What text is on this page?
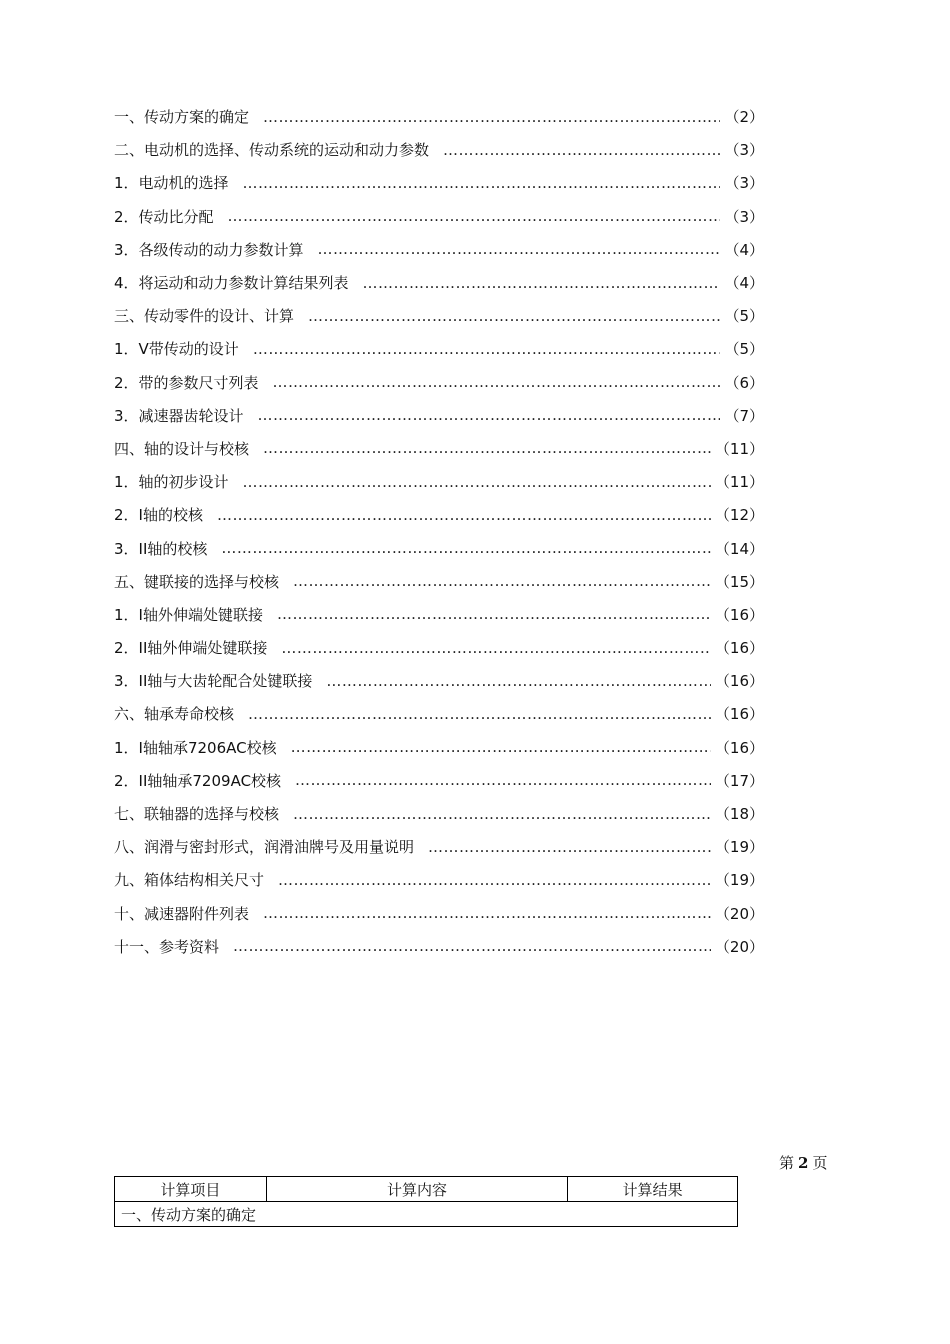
一、传动方案的确定 …………………………………………………………………………………………………………………………………………………………………………………………………………………………………………………………	（2）
二、电动机的选择、传动系统的运动和动力参数 …………………………………………………………………………………………………………………………………………………………………………………………………………………………………………………………	（3）
1．电动机的选择 …………………………………………………………………………………………………………………………………………………………………………………………………………………………………………………………	（3）
2．传动比分配 …………………………………………………………………………………………………………………………………………………………………………………………………………………………………………………………	（3）
3．各级传动的动力参数计算 …………………………………………………………………………………………………………………………………………………………………………………………………………………………………………………………	（4）
4．将运动和动力参数计算结果列表 …………………………………………………………………………………………………………………………………………………………………………………………………………………………………………………………	（4）
三、传动零件的设计、计算 …………………………………………………………………………………………………………………………………………………………………………………………………………………………………………………………	（5）
1．V带传动的设计 …………………………………………………………………………………………………………………………………………………………………………………………………………………………………………………………	（5）
2．带的参数尺寸列表 …………………………………………………………………………………………………………………………………………………………………………………………………………………………………………………………	（6）
3．减速器齿轮设计 …………………………………………………………………………………………………………………………………………………………………………………………………………………………………………………………	（7）
四、轴的设计与校核 …………………………………………………………………………………………………………………………………………………………………………………………………………………………………………………………	（11）
1．轴的初步设计 …………………………………………………………………………………………………………………………………………………………………………………………………………………………………………………………	（11）
2．I轴的校核 …………………………………………………………………………………………………………………………………………………………………………………………………………………………………………………………	（12）
3．II轴的校核 …………………………………………………………………………………………………………………………………………………………………………………………………………………………………………………………	（14）
五、键联接的选择与校核 …………………………………………………………………………………………………………………………………………………………………………………………………………………………………………………………	（15）
1．I轴外伸端处键联接 …………………………………………………………………………………………………………………………………………………………………………………………………………………………………………………………	（16）
2．II轴外伸端处键联接 …………………………………………………………………………………………………………………………………………………………………………………………………………………………………………………………	（16）
3．II轴与大齿轮配合处键联接 …………………………………………………………………………………………………………………………………………………………………………………………………………………………………………………………	（16）
六、轴承寿命校核 …………………………………………………………………………………………………………………………………………………………………………………………………………………………………………………………	（16）
1．I轴轴承7206AC校核 …………………………………………………………………………………………………………………………………………………………………………………………………………………………………………………………	（16）
2．II轴轴承7209AC校核 …………………………………………………………………………………………………………………………………………………………………………………………………………………………………………………………	（17）
七、联轴器的选择与校核 …………………………………………………………………………………………………………………………………………………………………………………………………………………………………………………………	（18）
八、润滑与密封形式，润滑油牌号及用量说明 …………………………………………………………………………………………………………………………………………………………………………………………………………………………………………………………	（19）
九、箱体结构相关尺寸 …………………………………………………………………………………………………………………………………………………………………………………………………………………………………………………………	（19）
十、减速器附件列表 …………………………………………………………………………………………………………………………………………………………………………………………………………………………………………………………	（20）
十一、参考资料 …………………………………………………………………………………………………………………………………………………………………………………………………………………………………………………………	（20）
第 2 页
计算项目	计算内容	计算结果
一、传动方案的确定
